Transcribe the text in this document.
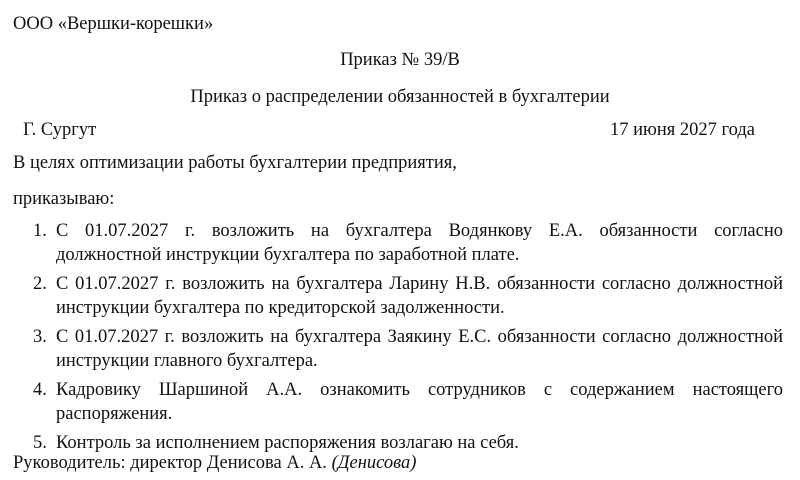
ООО «Вершки-корешки»
Приказ № 39/В
Приказ о распределении обязанностей в бухгалтерии
Г. Сургут	17 июня 2027 года
В целях оптимизации работы бухгалтерии предприятия,
приказываю:
1. С 01.07.2027 г. возложить на бухгалтера Водянкову Е.А. обязанности согласно должностной инструкции бухгалтера по заработной плате.
2. С 01.07.2027 г. возложить на бухгалтера Ларину Н.В. обязанности согласно должностной инструкции бухгалтера по кредиторской задолженности.
3. С 01.07.2027 г. возложить на бухгалтера Заякину Е.С. обязанности согласно должностной инструкции главного бухгалтера.
4. Кадровику Шаршиной А.А. ознакомить сотрудников с содержанием настоящего распоряжения.
5. Контроль за исполнением распоряжения возлагаю на себя.
Руководитель: директор Денисова А. А. (Денисова)
